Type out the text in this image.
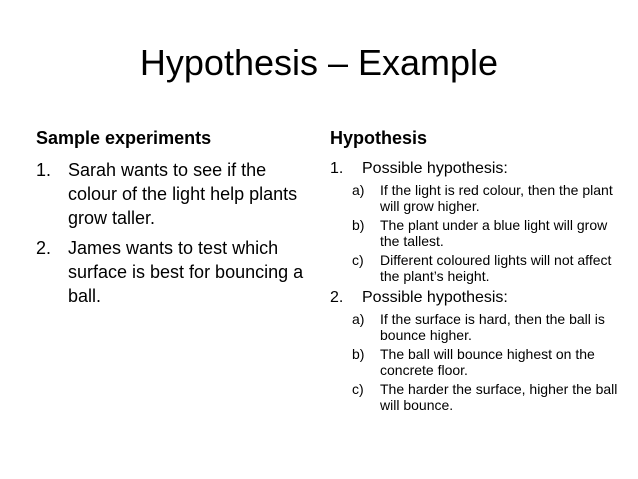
Hypothesis – Example
Sample experiments
1. Sarah wants to see if the colour of the light help plants grow taller.
2. James wants to test which surface is best for bouncing a ball.
Hypothesis
1.	Possible hypothesis:
a)	If the light is red colour, then the plant will grow higher.
b)	The plant under a blue light will grow the tallest.
c)	Different coloured lights will not affect the plant’s height.
2.	Possible hypothesis:
a)	If the surface is hard, then the ball is bounce higher.
b)	The ball will bounce highest on the concrete floor.
c)	The harder the surface, higher the ball will bounce.
